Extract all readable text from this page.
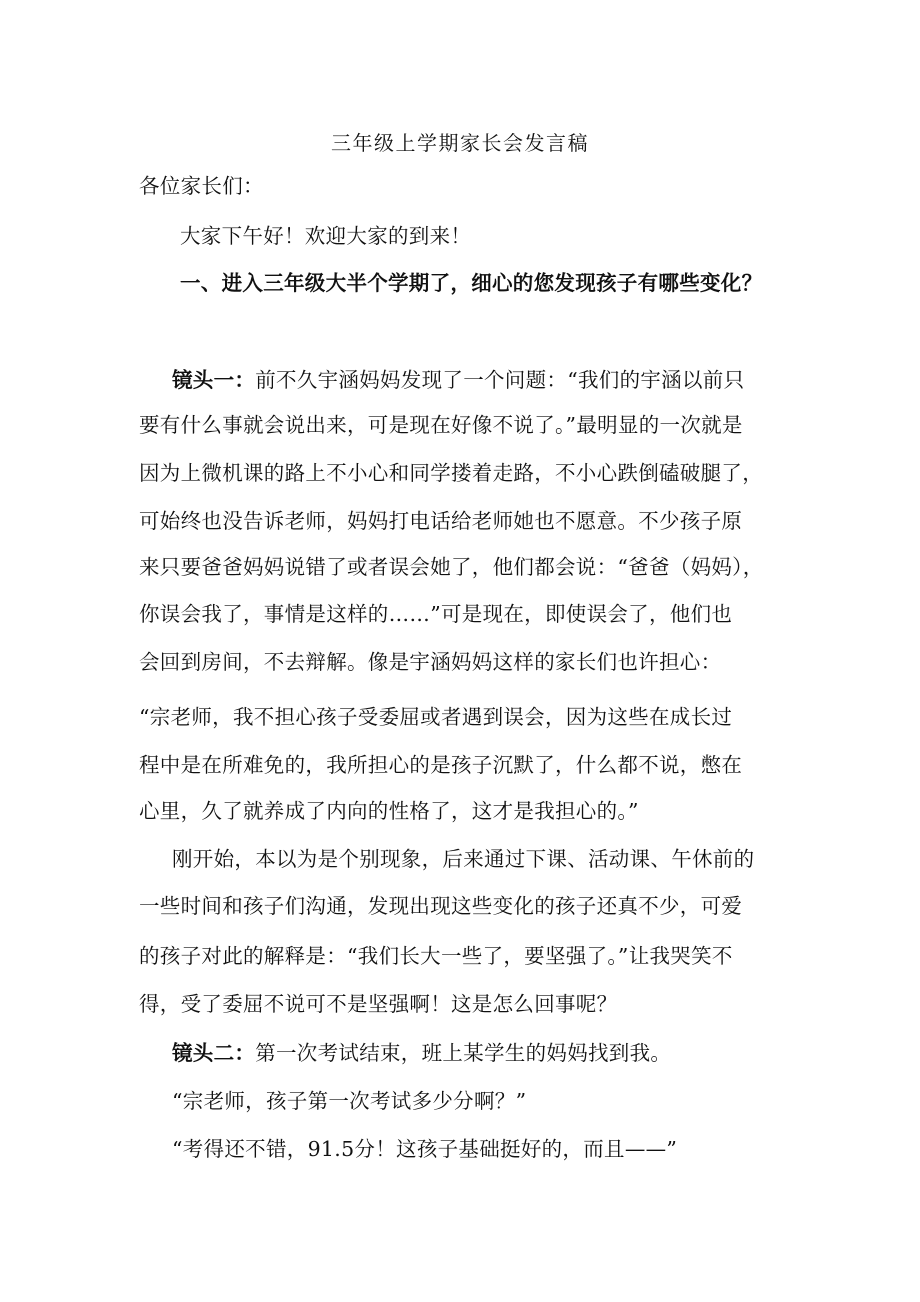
三年级上学期家长会发言稿
各位家长们：
大家下午好！欢迎大家的到来！
一、进入三年级大半个学期了，细心的您发现孩子有哪些变化？
镜头一：前不久宇涵妈妈发现了一个问题：“我们的宇涵以前只
要有什么事就会说出来，可是现在好像不说了。”最明显的一次就是
因为上微机课的路上不小心和同学搂着走路，不小心跌倒磕破腿了，
可始终也没告诉老师，妈妈打电话给老师她也不愿意。不少孩子原
来只要爸爸妈妈说错了或者误会她了，他们都会说：“爸爸（妈妈），
你误会我了，事情是这样的……”可是现在，即使误会了，他们也
会回到房间，不去辩解。像是宇涵妈妈这样的家长们也许担心：
“宗老师，我不担心孩子受委屈或者遇到误会，因为这些在成长过
程中是在所难免的，我所担心的是孩子沉默了，什么都不说，憋在
心里，久了就养成了内向的性格了，这才是我担心的。”
刚开始，本以为是个别现象，后来通过下课、活动课、午休前的
一些时间和孩子们沟通，发现出现这些变化的孩子还真不少，可爱
的孩子对此的解释是：“我们长大一些了，要坚强了。”让我哭笑不
得，受了委屈不说可不是坚强啊！这是怎么回事呢？
镜头二：第一次考试结束，班上某学生的妈妈找到我。
“宗老师，孩子第一次考试多少分啊？”
“考得还不错，91.5分！这孩子基础挺好的，而且——”
